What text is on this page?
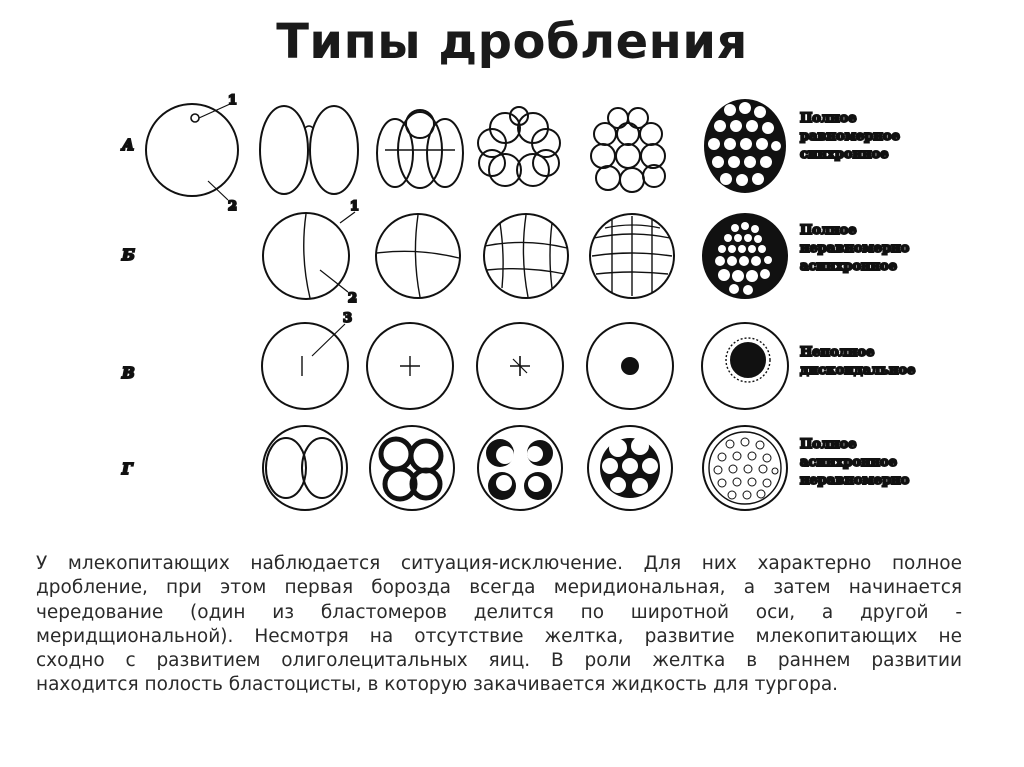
Типы дробления
А
1
2
Полное
равномерное
синхронное
Б
1
2
Полное
неравномерно
асинхронное
В
3
Неполное
дискоидальное
Г
Полное
асинхронное
неравномерно
У млекопитающих наблюдается ситуация-исключение. Для них характерно полное
дробление, при этом первая борозда всегда меридиональная, а затем начинается
чередование (один из бластомеров делится по широтной оси, а другой -
меридщиональной). Несмотря на отсутствие желтка, развитие млекопитающих не
сходно с развитием олиголецитальных яиц. В роли желтка в раннем развитии
находится полость бластоцисты, в которую закачивается жидкость для тургора.
